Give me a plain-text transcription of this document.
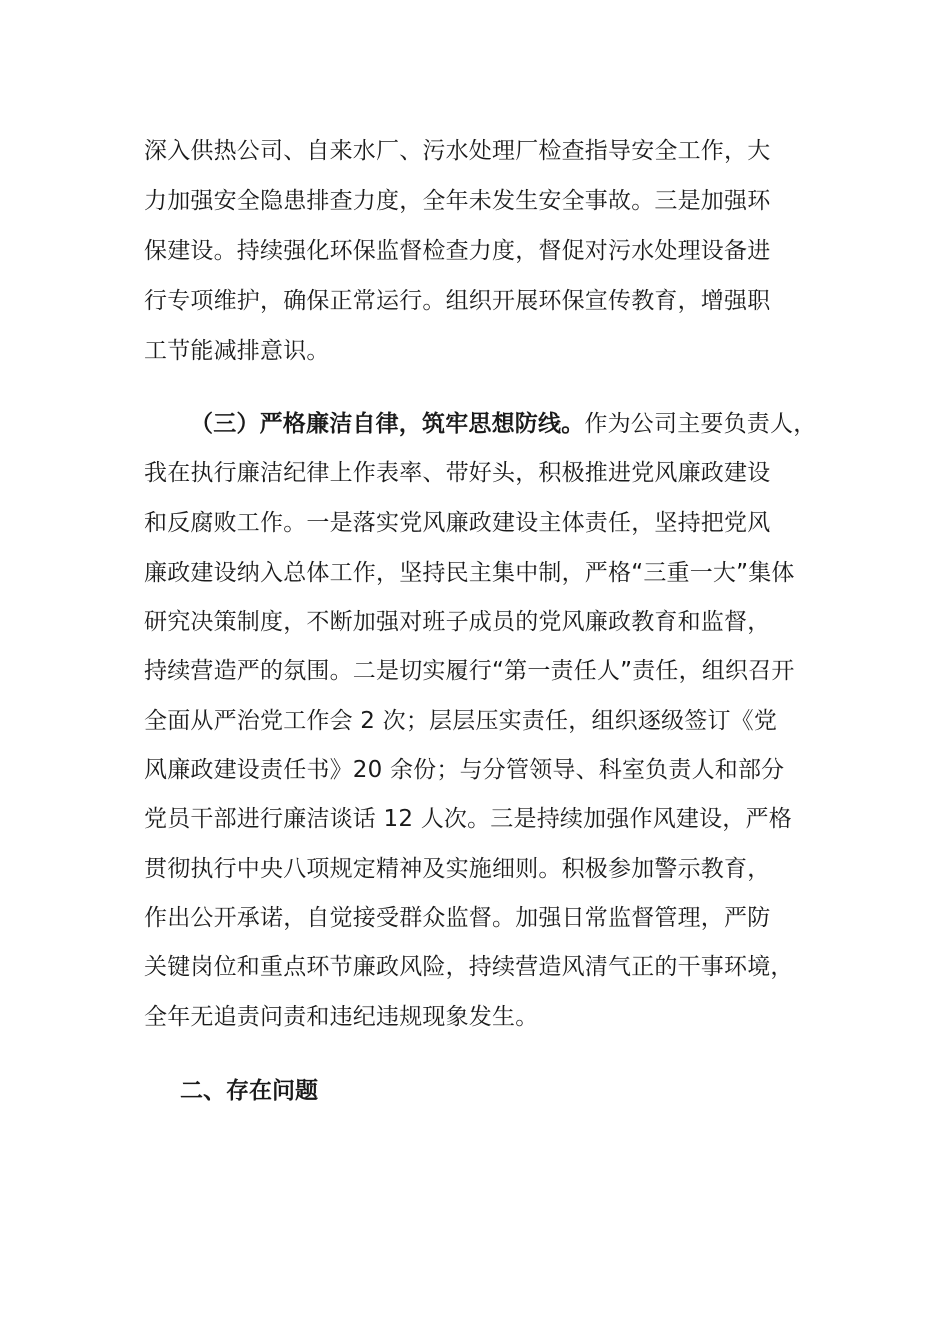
深入供热公司、自来水厂、污水处理厂检查指导安全工作，大
力加强安全隐患排查力度，全年未发生安全事故。三是加强环
保建设。持续强化环保监督检查力度，督促对污水处理设备进
行专项维护，确保正常运行。组织开展环保宣传教育，增强职
工节能减排意识。
（三）严格廉洁自律，筑牢思想防线。作为公司主要负责人，
我在执行廉洁纪律上作表率、带好头，积极推进党风廉政建设
和反腐败工作。一是落实党风廉政建设主体责任，坚持把党风
廉政建设纳入总体工作，坚持民主集中制，严格“三重一大”集体
研究决策制度，不断加强对班子成员的党风廉政教育和监督，
持续营造严的氛围。二是切实履行“第一责任人”责任，组织召开
全面从严治党工作会 2 次；层层压实责任，组织逐级签订《党
风廉政建设责任书》20 余份；与分管领导、科室负责人和部分
党员干部进行廉洁谈话 12 人次。三是持续加强作风建设，严格
贯彻执行中央八项规定精神及实施细则。积极参加警示教育，
作出公开承诺，自觉接受群众监督。加强日常监督管理，严防
关键岗位和重点环节廉政风险，持续营造风清气正的干事环境，
全年无追责问责和违纪违规现象发生。
二、存在问题
